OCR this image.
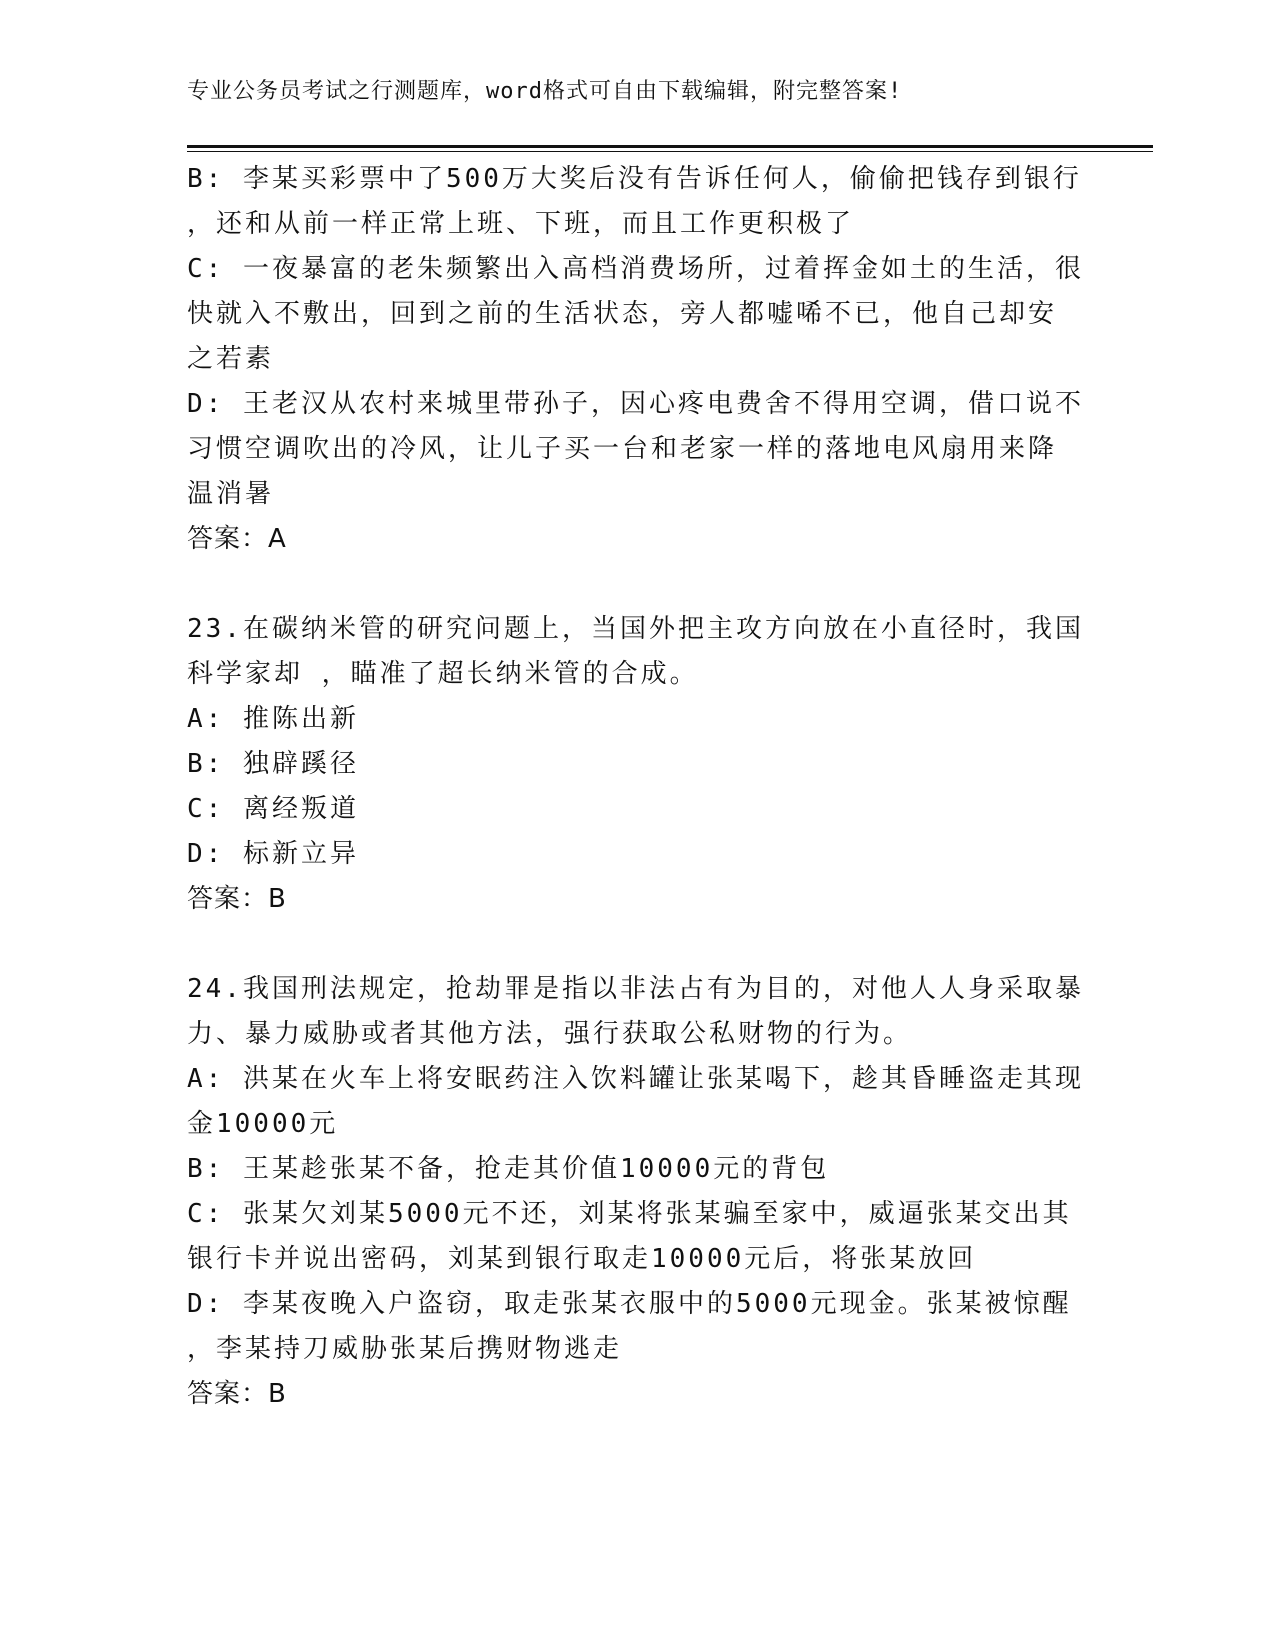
专业公务员考试之行测题库，word格式可自由下载编辑，附完整答案!
B: 李某买彩票中了500万大奖后没有告诉任何人，偷偷把钱存到银行
，还和从前一样正常上班、下班，而且工作更积极了
C: 一夜暴富的老朱频繁出入高档消费场所，过着挥金如土的生活，很
快就入不敷出，回到之前的生活状态，旁人都嘘唏不已，他自己却安
之若素
D: 王老汉从农村来城里带孙子，因心疼电费舍不得用空调，借口说不
习惯空调吹出的冷风，让儿子买一台和老家一样的落地电风扇用来降
温消暑
答案：A
23.在碳纳米管的研究问题上，当国外把主攻方向放在小直径时，我国
科学家却 ，瞄准了超长纳米管的合成。
A: 推陈出新
B: 独辟蹊径
C: 离经叛道
D: 标新立异
答案：B
24.我国刑法规定，抢劫罪是指以非法占有为目的，对他人人身采取暴
力、暴力威胁或者其他方法，强行获取公私财物的行为。
A: 洪某在火车上将安眠药注入饮料罐让张某喝下，趁其昏睡盗走其现
金10000元
B: 王某趁张某不备，抢走其价值10000元的背包
C: 张某欠刘某5000元不还，刘某将张某骗至家中，威逼张某交出其
银行卡并说出密码，刘某到银行取走10000元后，将张某放回
D: 李某夜晚入户盗窃，取走张某衣服中的5000元现金。张某被惊醒
，李某持刀威胁张某后携财物逃走
答案：B
